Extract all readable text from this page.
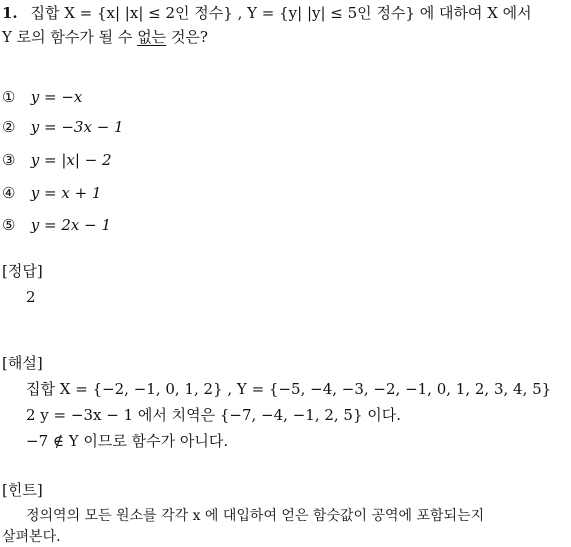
1. 집합 X = {x| |x| ≤ 2인 정수} , Y = {y| |y| ≤ 5인 정수} 에 대하여 X 에서
Y 로의 함수가 될 수 없는 것은?
① y = −x
② y = −3x − 1
③ y = |x| − 2
④ y = x + 1
⑤ y = 2x − 1
[정답]
2
[해설]
집합 X = {−2, −1, 0, 1, 2} , Y = {−5, −4, −3, −2, −1, 0, 1, 2, 3, 4, 5}
2 y = −3x − 1 에서 치역은 {−7, −4, −1, 2, 5} 이다.
−7 ∉ Y 이므로 함수가 아니다.
[힌트]
정의역의 모든 원소를 각각 x 에 대입하여 얻은 함숫값이 공역에 포함되는지
살펴본다.
